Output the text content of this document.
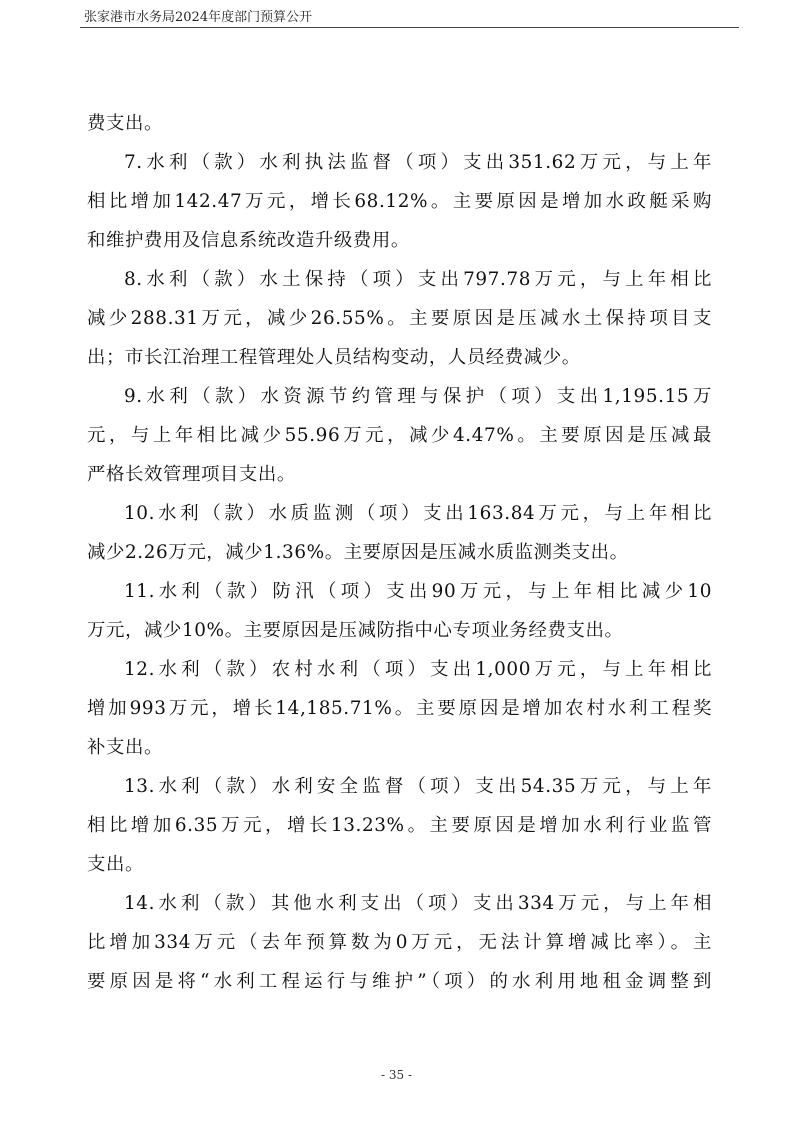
张家港市水务局2024年度部门预算公开
费支出。
7.水利（款）水利执法监督（项）支出351.62万元，与上年
相比增加142.47万元，增长68.12%。主要原因是增加水政艇采购
和维护费用及信息系统改造升级费用。
8.水利（款）水土保持（项）支出797.78万元，与上年相比
减少288.31万元，减少26.55%。主要原因是压减水土保持项目支
出；市长江治理工程管理处人员结构变动，人员经费减少。
9.水利（款）水资源节约管理与保护（项）支出1,195.15万
元，与上年相比减少55.96万元，减少4.47%。主要原因是压减最
严格长效管理项目支出。
10.水利（款）水质监测（项）支出163.84万元，与上年相比
减少2.26万元，减少1.36%。主要原因是压减水质监测类支出。
11.水利（款）防汛（项）支出90万元，与上年相比减少10
万元，减少10%。主要原因是压减防指中心专项业务经费支出。
12.水利（款）农村水利（项）支出1,000万元，与上年相比
增加993万元，增长14,185.71%。主要原因是增加农村水利工程奖
补支出。
13.水利（款）水利安全监督（项）支出54.35万元，与上年
相比增加6.35万元，增长13.23%。主要原因是增加水利行业监管
支出。
14.水利（款）其他水利支出（项）支出334万元，与上年相
比增加334万元（去年预算数为0万元，无法计算增减比率）。主
要原因是将“水利工程运行与维护”（项）的水利用地租金调整到
- 35 -
